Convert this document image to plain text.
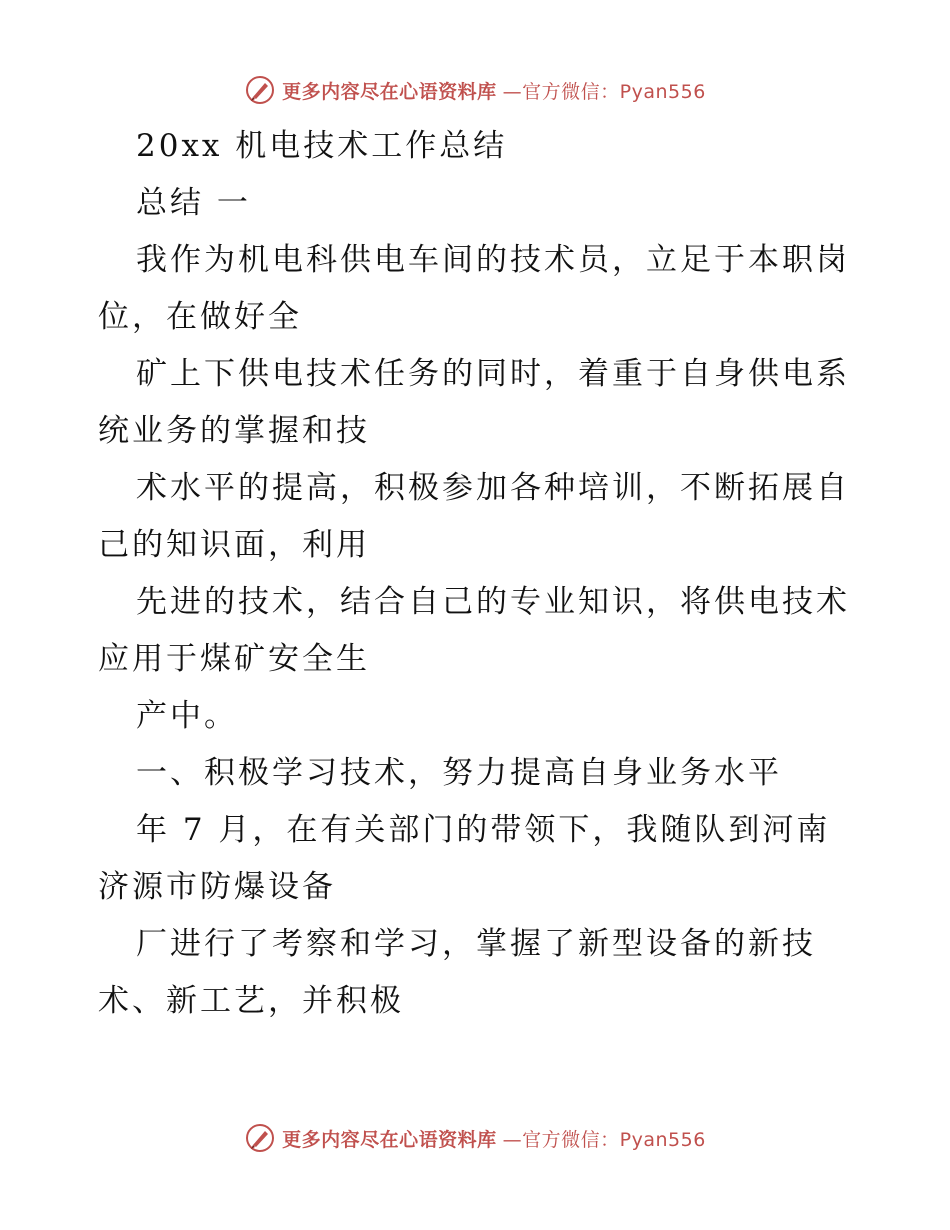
更多内容尽在心语资料库 —官方微信：Pyan556

20xx 机电技术工作总结

总结 一

我作为机电科供电车间的技术员，立足于本职岗

位，在做好全

矿上下供电技术任务的同时，着重于自身供电系

统业务的掌握和技

术水平的提高，积极参加各种培训，不断拓展自

己的知识面，利用

先进的技术，结合自己的专业知识，将供电技术

应用于煤矿安全生

产中。

一、积极学习技术，努力提高自身业务水平

年 7 月，在有关部门的带领下，我随队到河南

济源市防爆设备

厂进行了考察和学习，掌握了新型设备的新技

术、新工艺，并积极

更多内容尽在心语资料库 —官方微信：Pyan556
